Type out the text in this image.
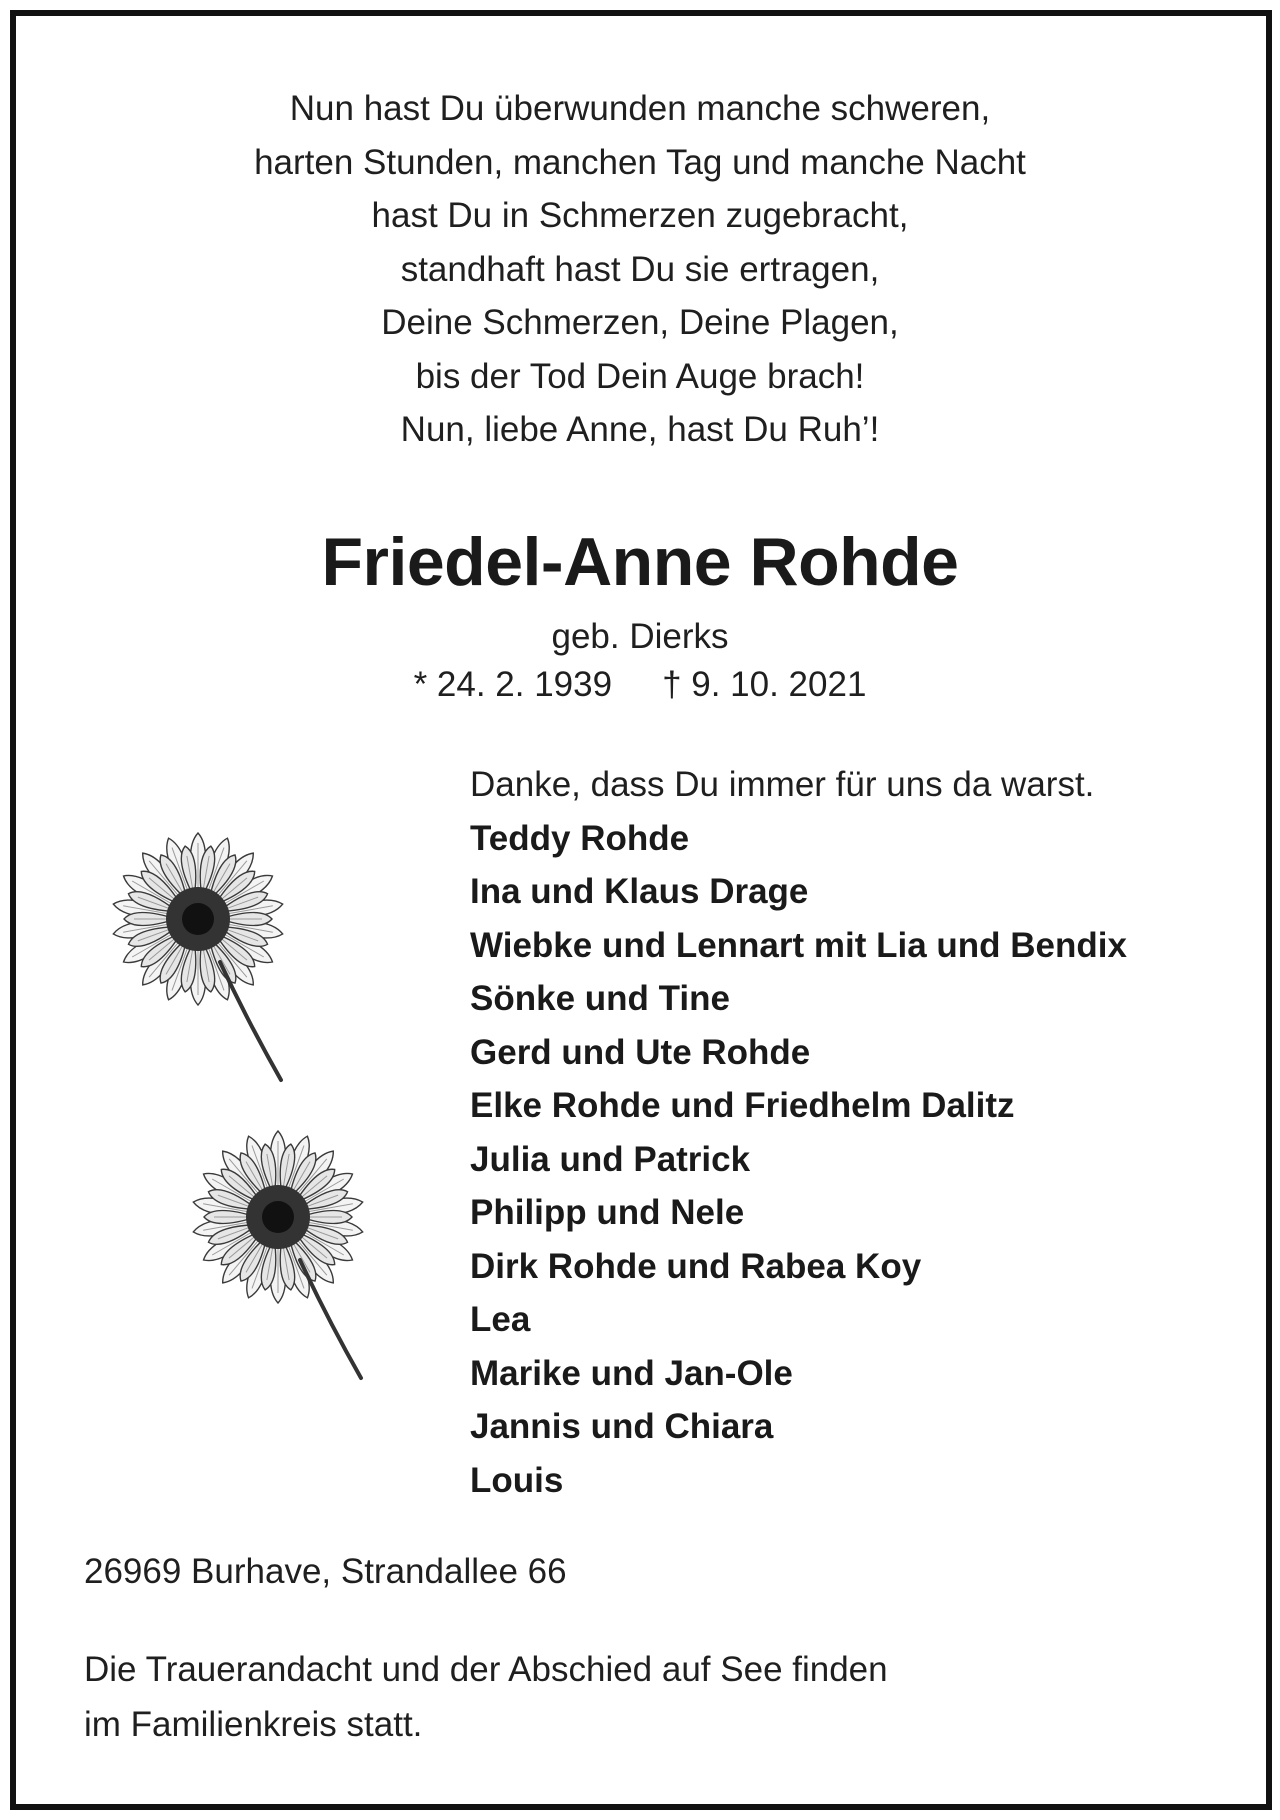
Nun hast Du überwunden manche schweren,
harten Stunden, manchen Tag und manche Nacht
hast Du in Schmerzen zugebracht,
standhaft hast Du sie ertragen,
Deine Schmerzen, Deine Plagen,
bis der Tod Dein Auge brach!
Nun, liebe Anne, hast Du Ruh’!
Friedel-Anne Rohde
geb. Dierks
* 24. 2. 1939 † 9. 10. 2021
Danke, dass Du immer für uns da warst.
Teddy Rohde
Ina und Klaus Drage
Wiebke und Lennart mit Lia und Bendix
Sönke und Tine
Gerd und Ute Rohde
Elke Rohde und Friedhelm Dalitz
Julia und Patrick
Philipp und Nele
Dirk Rohde und Rabea Koy
Lea
Marike und Jan-Ole
Jannis und Chiara
Louis
26969 Burhave, Strandallee 66
Die Trauerandacht und der Abschied auf See finden
im Familienkreis statt.
